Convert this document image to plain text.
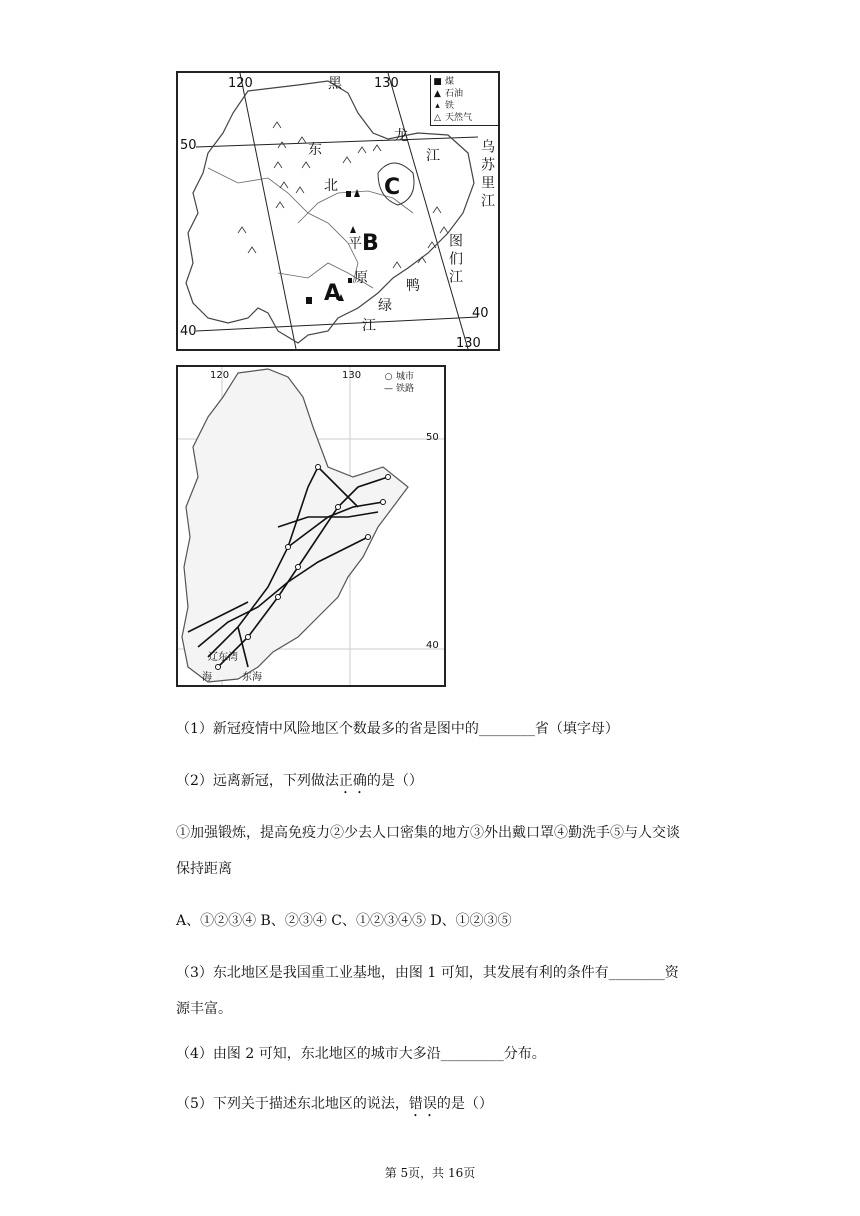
120	130
130
50
40
40
黑
龙
江	乌苏里江
图们江
鸭
绿
江
东
北
平
原
A
B
C
■ 煤
▲ 石油
▴ 铁
△ 天然气
120	130
50
40
海	东海
辽东湾
○ 城市
— 铁路
（1）新冠疫情中风险地区个数最多的省是图中的________省（填字母）
（2）远离新冠，下列做法正确的是（）
①加强锻炼，提高免疫力②少去人口密集的地方③外出戴口罩④勤洗手⑤与人交谈
保持距离
A、①②③④ B、②③④ C、①②③④⑤ D、①②③⑤
（3）东北地区是我国重工业基地，由图 1 可知，其发展有利的条件有________资
源丰富。
（4）由图 2 可知，东北地区的城市大多沿_________分布。
（5）下列关于描述东北地区的说法，错误的是（）
第 5页，共 16页
